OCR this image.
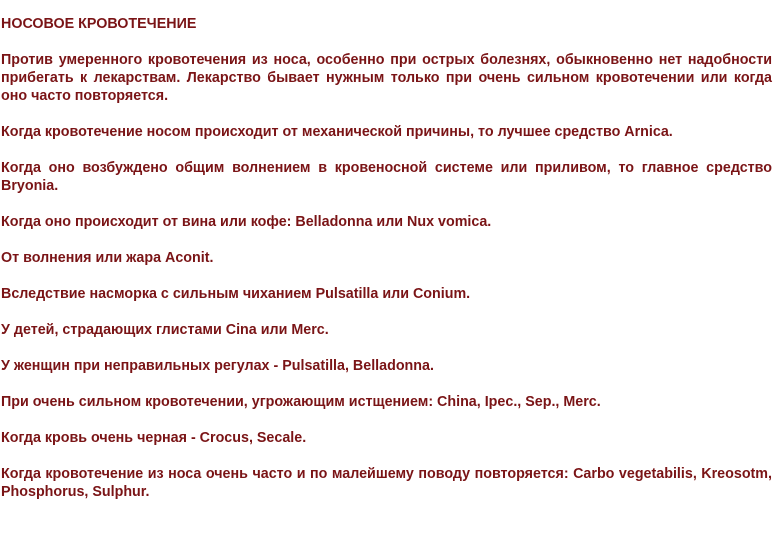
НОСОВОЕ КРОВОТЕЧЕНИЕ

Против умеренного кровотечения из носа, особенно при острых болезнях, обыкновенно нет надобности прибегать к лекарствам. Лекарство бывает нужным только при очень сильном кровотечении или когда оно часто повторяется.

Когда кровотечение носом происходит от механической причины, то лучшее средство Arnica.

Когда оно возбуждено общим волнением в кровеносной системе или приливом, то главное средство Bryonia.

Когда оно происходит от вина или кофе: Belladonna или Nux vomica.

От волнения или жара Aconit.

Вследствие насморка с сильным чиханием Pulsatilla или Conium.

У детей, страдающих глистами Cina или Merc.

У женщин при неправильных регулах - Pulsatilla, Belladonna.

При очень сильном кровотечении, угрожающим истщением: China, Ipec., Sep., Merc.

Когда кровь очень черная - Crocus, Secale.

Когда кровотечение из носа очень часто и по малейшему поводу повторяется: Carbo vegetabilis, Kreosotm, Phosphorus, Sulphur.
